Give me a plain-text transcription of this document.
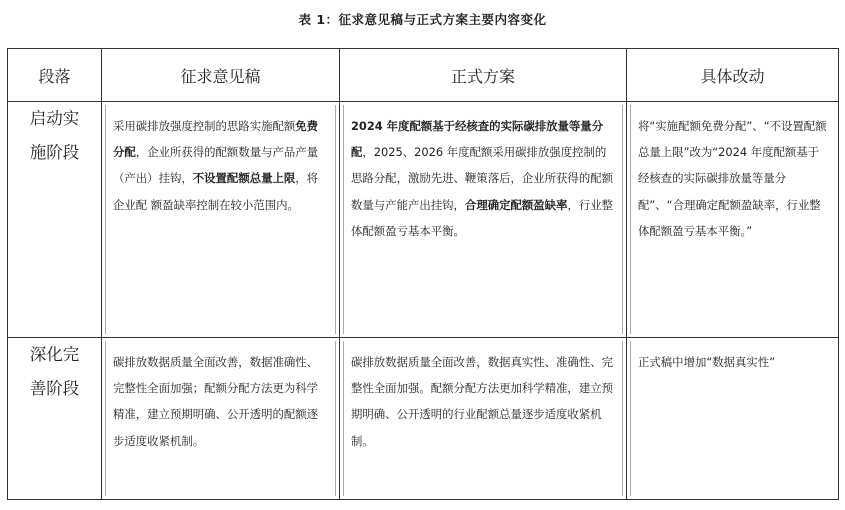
表 1：征求意见稿与正式方案主要内容变化
段落	征求意见稿	正式方案	具体改动

启动实施阶段	采用碳排放强度控制的思路实施配额免费分配，企业所获得的配额数量与产品产量（产出）挂钩，不设置配额总量上限，将企业配 额盈缺率控制在较小范围内。	2024 年度配额基于经核查的实际碳排放量等量分配，2025、2026 年度配额采用碳排放强度控制的思路分配，激励先进、鞭策落后，企业所获得的配额数量与产能产出挂钩，合理确定配额盈缺率，行业整体配额盈亏基本平衡。	将“实施配额免费分配”、“不设置配额总量上限”改为“2024 年度配额基于经核查的实际碳排放量等量分配”、“合理确定配额盈缺率，行业整体配额盈亏基本平衡。”

深化完善阶段	碳排放数据质量全面改善，数据准确性、完整性全面加强；配额分配方法更为科学精准，建立预期明确、公开透明的配额逐步适度收紧机制。	碳排放数据质量全面改善，数据真实性、准确性、完整性全面加强。配额分配方法更加科学精准，建立预期明确、公开透明的行业配额总量逐步适度收紧机制。	正式稿中增加“数据真实性”
